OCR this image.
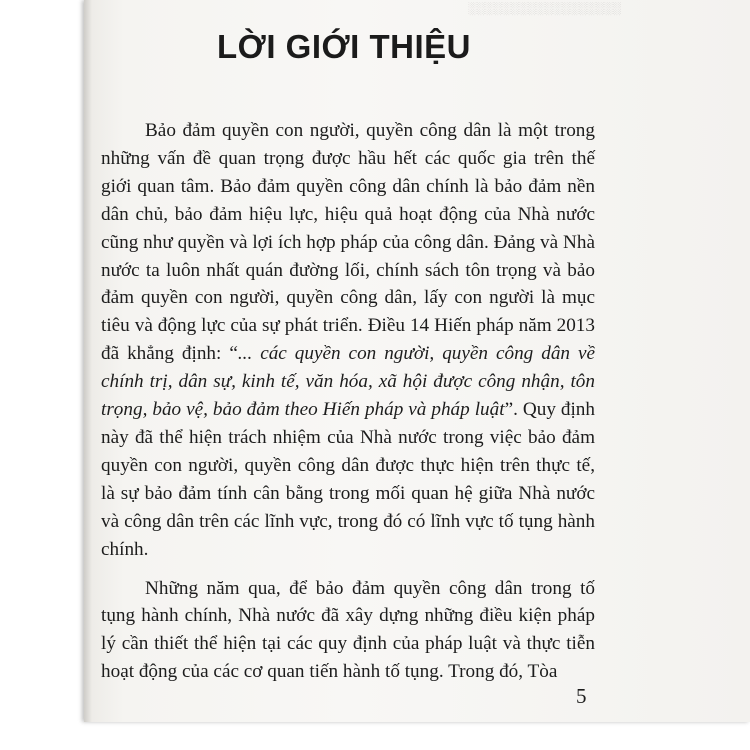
░░░░░░░░░░░░░░░░░░
LỜI GIỚI THIỆU

Bảo đảm quyền con người, quyền công dân là một trong những vấn đề quan trọng được hầu hết các quốc gia trên thế giới quan tâm. Bảo đảm quyền công dân chính là bảo đảm nền dân chủ, bảo đảm hiệu lực, hiệu quả hoạt động của Nhà nước cũng như quyền và lợi ích hợp pháp của công dân. Đảng và Nhà nước ta luôn nhất quán đường lối, chính sách tôn trọng và bảo đảm quyền con người, quyền công dân, lấy con người là mục tiêu và động lực của sự phát triển. Điều 14 Hiến pháp năm 2013 đã khẳng định: “... các quyền con người, quyền công dân về chính trị, dân sự, kinh tế, văn hóa, xã hội được công nhận, tôn trọng, bảo vệ, bảo đảm theo Hiến pháp và pháp luật”. Quy định này đã thể hiện trách nhiệm của Nhà nước trong việc bảo đảm quyền con người, quyền công dân được thực hiện trên thực tế, là sự bảo đảm tính cân bằng trong mối quan hệ giữa Nhà nước và công dân trên các lĩnh vực, trong đó có lĩnh vực tố tụng hành chính.

Những năm qua, để bảo đảm quyền công dân trong tố tụng hành chính, Nhà nước đã xây dựng những điều kiện pháp lý cần thiết thể hiện tại các quy định của pháp luật và thực tiễn hoạt động của các cơ quan tiến hành tố tụng. Trong đó, Tòa

5
